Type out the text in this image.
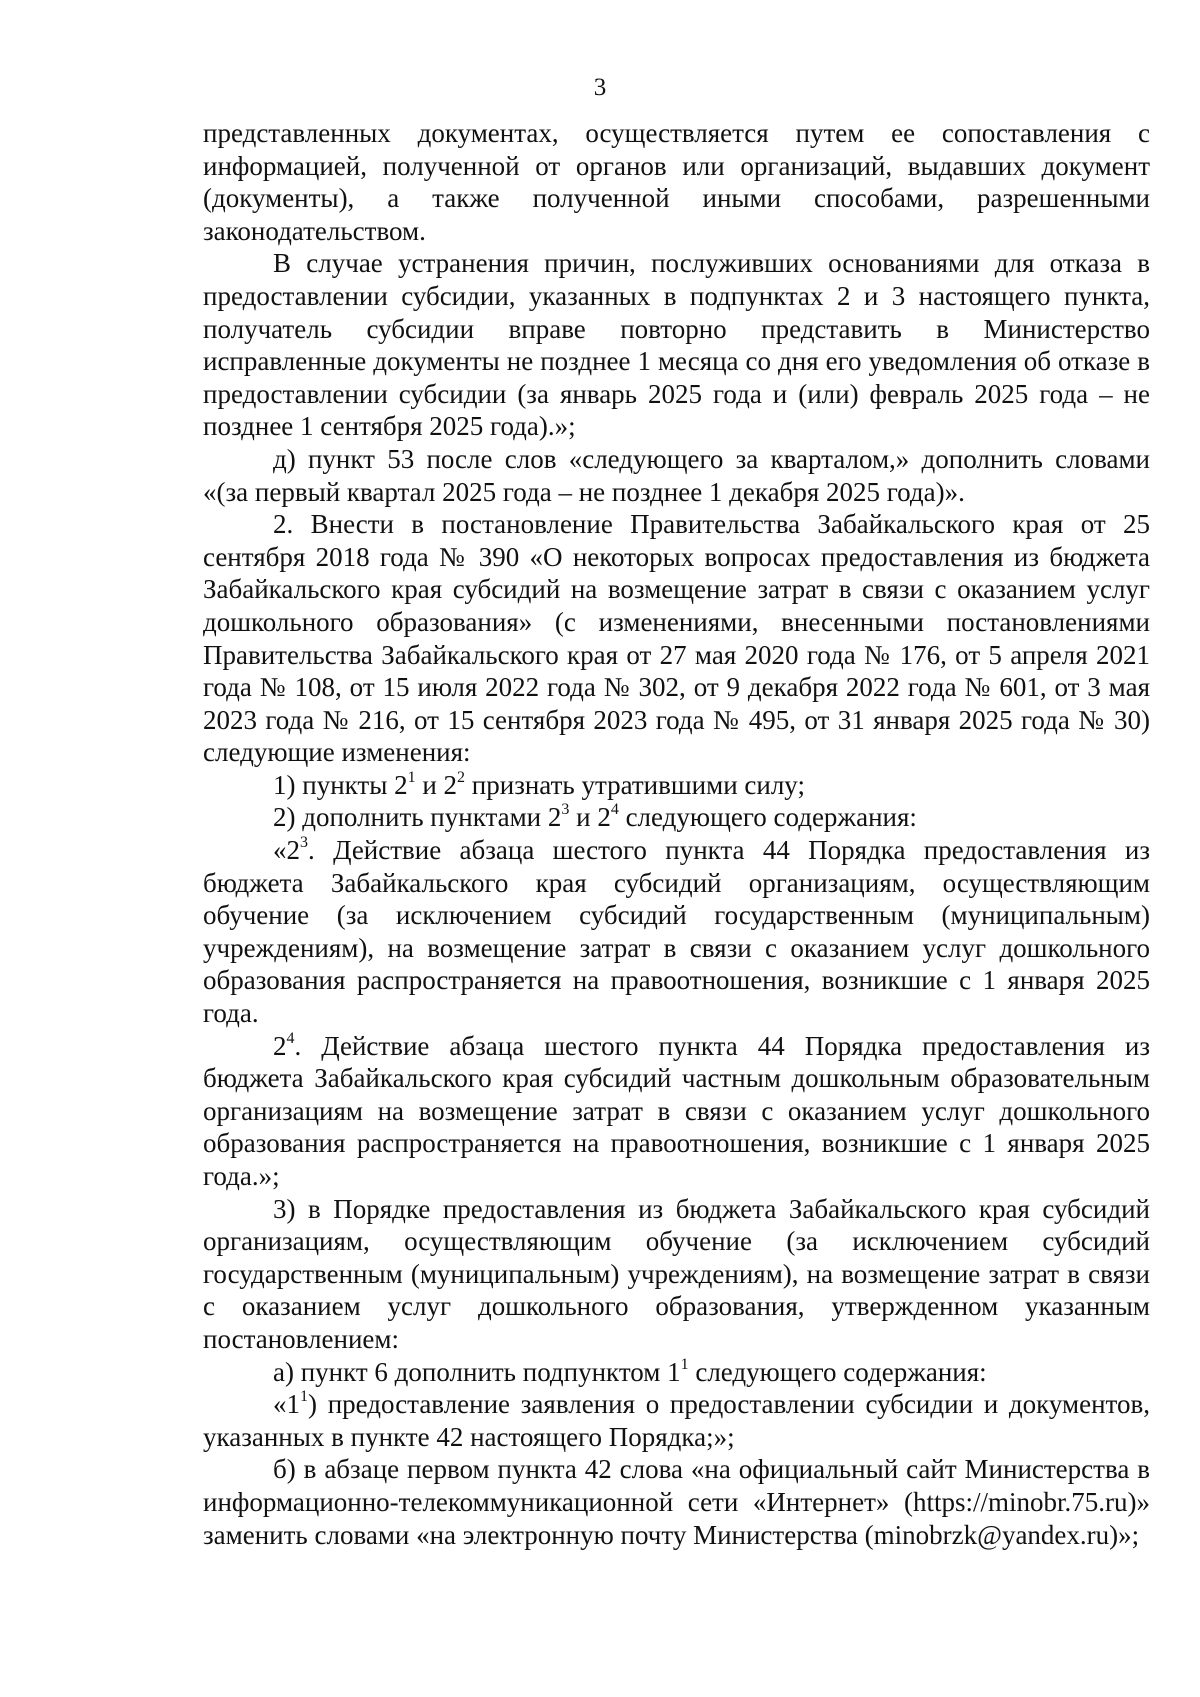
3

представленных документах, осуществляется путем ее сопоставления с информацией, полученной от органов или организаций, выдавших документ (документы), а также полученной иными способами, разрешенными законодательством.

В случае устранения причин, послуживших основаниями для отказа в предоставлении субсидии, указанных в подпунктах 2 и 3 настоящего пункта, получатель субсидии вправе повторно представить в Министерство исправленные документы не позднее 1 месяца со дня его уведомления об отказе в предоставлении субсидии (за январь 2025 года и (или) февраль 2025 года – не позднее 1 сентября 2025 года).»;

д) пункт 53 после слов «следующего за кварталом,» дополнить словами «(за первый квартал 2025 года – не позднее 1 декабря 2025 года)».

2. Внести в постановление Правительства Забайкальского края от 25 сентября 2018 года № 390 «О некоторых вопросах предоставления из бюджета Забайкальского края субсидий на возмещение затрат в связи с оказанием услуг дошкольного образования» (с изменениями, внесенными постановлениями Правительства Забайкальского края от 27 мая 2020 года № 176, от 5 апреля 2021 года № 108, от 15 июля 2022 года № 302, от 9 декабря 2022 года № 601, от 3 мая 2023 года № 216, от 15 сентября 2023 года № 495, от 31 января 2025 года № 30) следующие изменения:

1) пункты $2^1$ и $2^2$ признать утратившими силу;

2) дополнить пунктами $2^3$ и $2^4$ следующего содержания:

«$2^3$. Действие абзаца шестого пункта 44 Порядка предоставления из бюджета Забайкальского края субсидий организациям, осуществляющим обучение (за исключением субсидий государственным (муниципальным) учреждениям), на возмещение затрат в связи с оказанием услуг дошкольного образования распространяется на правоотношения, возникшие с 1 января 2025 года.

$2^4$. Действие абзаца шестого пункта 44 Порядка предоставления из бюджета Забайкальского края субсидий частным дошкольным образовательным организациям на возмещение затрат в связи с оказанием услуг дошкольного образования распространяется на правоотношения, возникшие с 1 января 2025 года.»;

3) в Порядке предоставления из бюджета Забайкальского края субсидий организациям, осуществляющим обучение (за исключением субсидий государственным (муниципальным) учреждениям), на возмещение затрат в связи с оказанием услуг дошкольного образования, утвержденном указанным постановлением:

а) пункт 6 дополнить подпунктом $1^1$ следующего содержания:

«$1^1$) предоставление заявления о предоставлении субсидии и документов, указанных в пункте 42 настоящего Порядка;»;

б) в абзаце первом пункта 42 слова «на официальный сайт Министерства в информационно-телекоммуникационной сети «Интернет» (https://minobr.75.ru)» заменить словами «на электронную почту Министерства (minobrzk@yandex.ru)»;
